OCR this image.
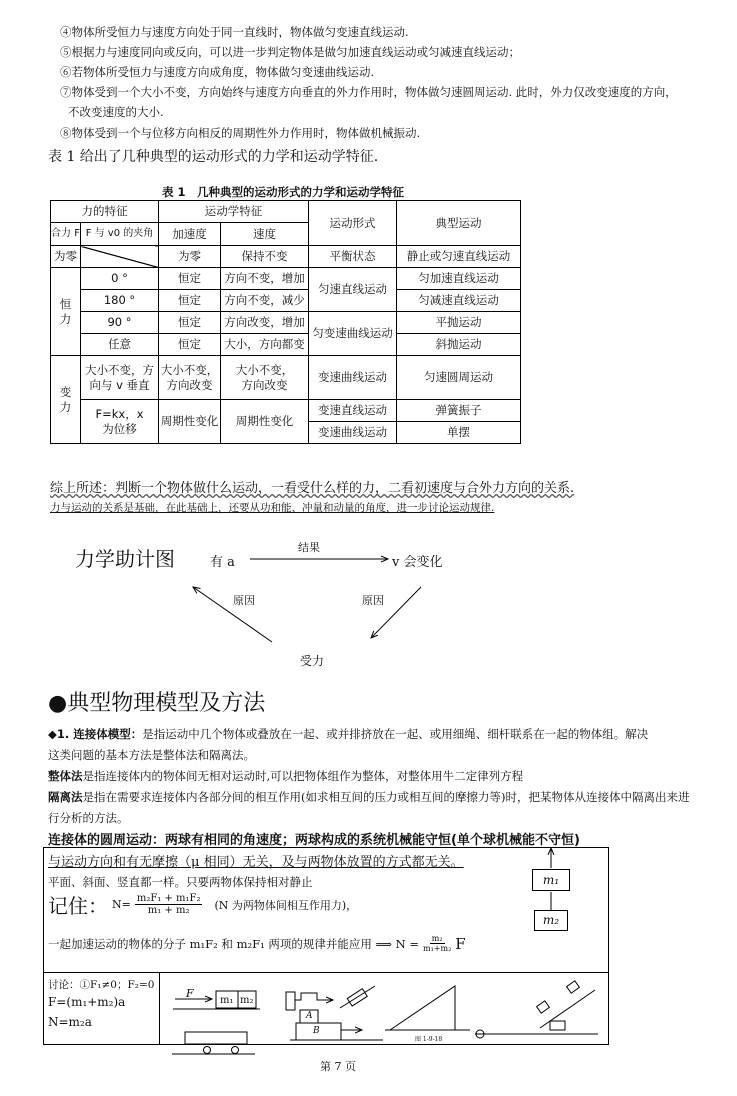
④物体所受恒力与速度方向处于同一直线时，物体做匀变速直线运动.
⑤根据力与速度同向或反向，可以进一步判定物体是做匀加速直线运动或匀减速直线运动；
⑥若物体所受恒力与速度方向成角度，物体做匀变速曲线运动.
⑦物体受到一个大小不变，方向始终与速度方向垂直的外力作用时，物体做匀速圆周运动. 此时，外力仅改变速度的方向，
不改变速度的大小.
⑧物体受到一个与位移方向相反的周期性外力作用时，物体做机械振动.
表 1 给出了几种典型的运动形式的力学和运动学特征.
表 1　几种典型的运动形式的力学和运动学特征
力的特征		运动学特征		运动形式	典型运动
合力 F	F 与 v0 的夹角	加速度	速度		
为零		为零	保持不变	平衡状态	静止或匀速直线运动
恒 力	0 °	恒定	方向不变，增加	匀速直线运动	匀加速直线运动
	180 °	恒定	方向不变，减少		匀减速直线运动
	90 °	恒定	方向改变，增加	匀变速曲线运动	平抛运动
	任意	恒定	大小，方向都变		斜抛运动
变 力	大小不变，方向与 v 垂直	大小不变，方向改变	大小不变，方向改变	变速曲线运动	匀速圆周运动
	F=kx，x 为位移	周期性变化	周期性变化	变速直线运动	弹簧振子
				变速曲线运动	单摆
综上所述：判断一个物体做什么运动，一看受什么样的力，二看初速度与合外力方向的关系.
力与运动的关系是基础，在此基础上，还要从功和能、冲量和动量的角度，进一步讨论运动规律.
力学助计图	有 a
结果
v 会变化
原因	原因
受力
●典型物理模型及方法
◆1. 连接体模型：是指运动中几个物体或叠放在一起、或并排挤放在一起、或用细绳、细杆联系在一起的物体组。解决
这类问题的基本方法是整体法和隔离法。
整体法是指连接体内的物体间无相对运动时,可以把物体组作为整体，对整体用牛二定律列方程
隔离法是指在需要求连接体内各部分间的相互作用(如求相互间的压力或相互间的摩擦力等)时，把某物体从连接体中隔离出来进
行分析的方法。
连接体的圆周运动：两球有相同的角速度；两球构成的系统机械能守恒(单个球机械能不守恒)
与运动方向和有无摩擦（μ 相同）无关，及与两物体放置的方式都无关。
平面、斜面、竖直都一样。只要两物体保持相对静止
记住： $N= \frac{\text{m₂F₁ + m₁F₂}}{\text{m₁ + m₂}} (N$ 为两物体间相互作用力)，
一起加速运动的物体的分子 m₁F₂ 和 m₂F₁ 两项的规律并能应用 ⟹ $N = \frac{\text{m₂}}{\text{m₁+m₂}}$ F
m₁
m₂
讨论：①F₁≠0；F₂=0
F=(m₁+m₂)a
N=m₂a
F
m₁ m₂
A
B
图 1-9-18
第 7 页
